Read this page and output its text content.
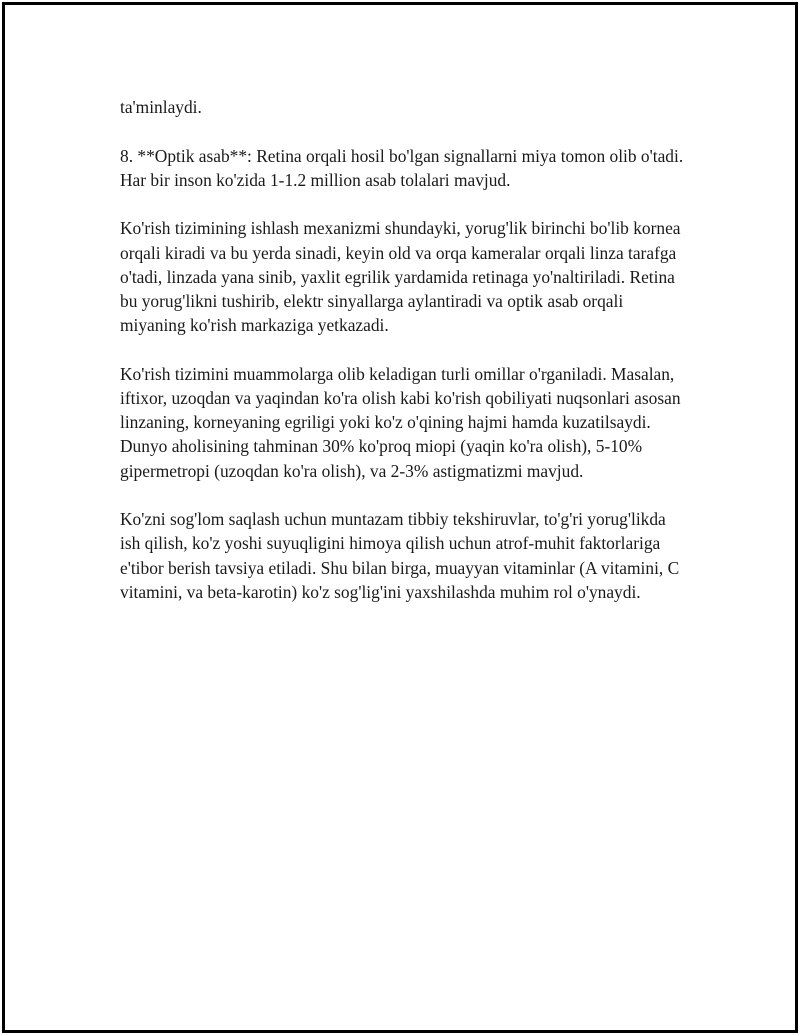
ta'minlaydi.

8. **Optik asab**: Retina orqali hosil bo'lgan signallarni miya tomon olib o'tadi. Har bir inson ko'zida 1-1.2 million asab tolalari mavjud.

Ko'rish tizimining ishlash mexanizmi shundayki, yorug'lik birinchi bo'lib kornea orqali kiradi va bu yerda sinadi, keyin old va orqa kameralar orqali linza tarafga o'tadi, linzada yana sinib, yaxlit egrilik yardamida retinaga yo'naltiriladi. Retina bu yorug'likni tushirib, elektr sinyallarga aylantiradi va optik asab orqali miyaning ko'rish markaziga yetkazadi.

Ko'rish tizimini muammolarga olib keladigan turli omillar o'rganiladi. Masalan, iftixor, uzoqdan va yaqindan ko'ra olish kabi ko'rish qobiliyati nuqsonlari asosan linzaning, korneyaning egriligi yoki ko'z o'qining hajmi hamda kuzatilsaydi. Dunyo aholisining tahminan 30% ko'proq miopi (yaqin ko'ra olish), 5-10% gipermetropi (uzoqdan ko'ra olish), va 2-3% astigmatizmi mavjud.

Ko'zni sog'lom saqlash uchun muntazam tibbiy tekshiruvlar, to'g'ri yorug'likda ish qilish, ko'z yoshi suyuqligini himoya qilish uchun atrof-muhit faktorlariga e'tibor berish tavsiya etiladi. Shu bilan birga, muayyan vitaminlar (A vitamini, C vitamini, va beta-karotin) ko'z sog'lig'ini yaxshilashda muhim rol o'ynaydi.
